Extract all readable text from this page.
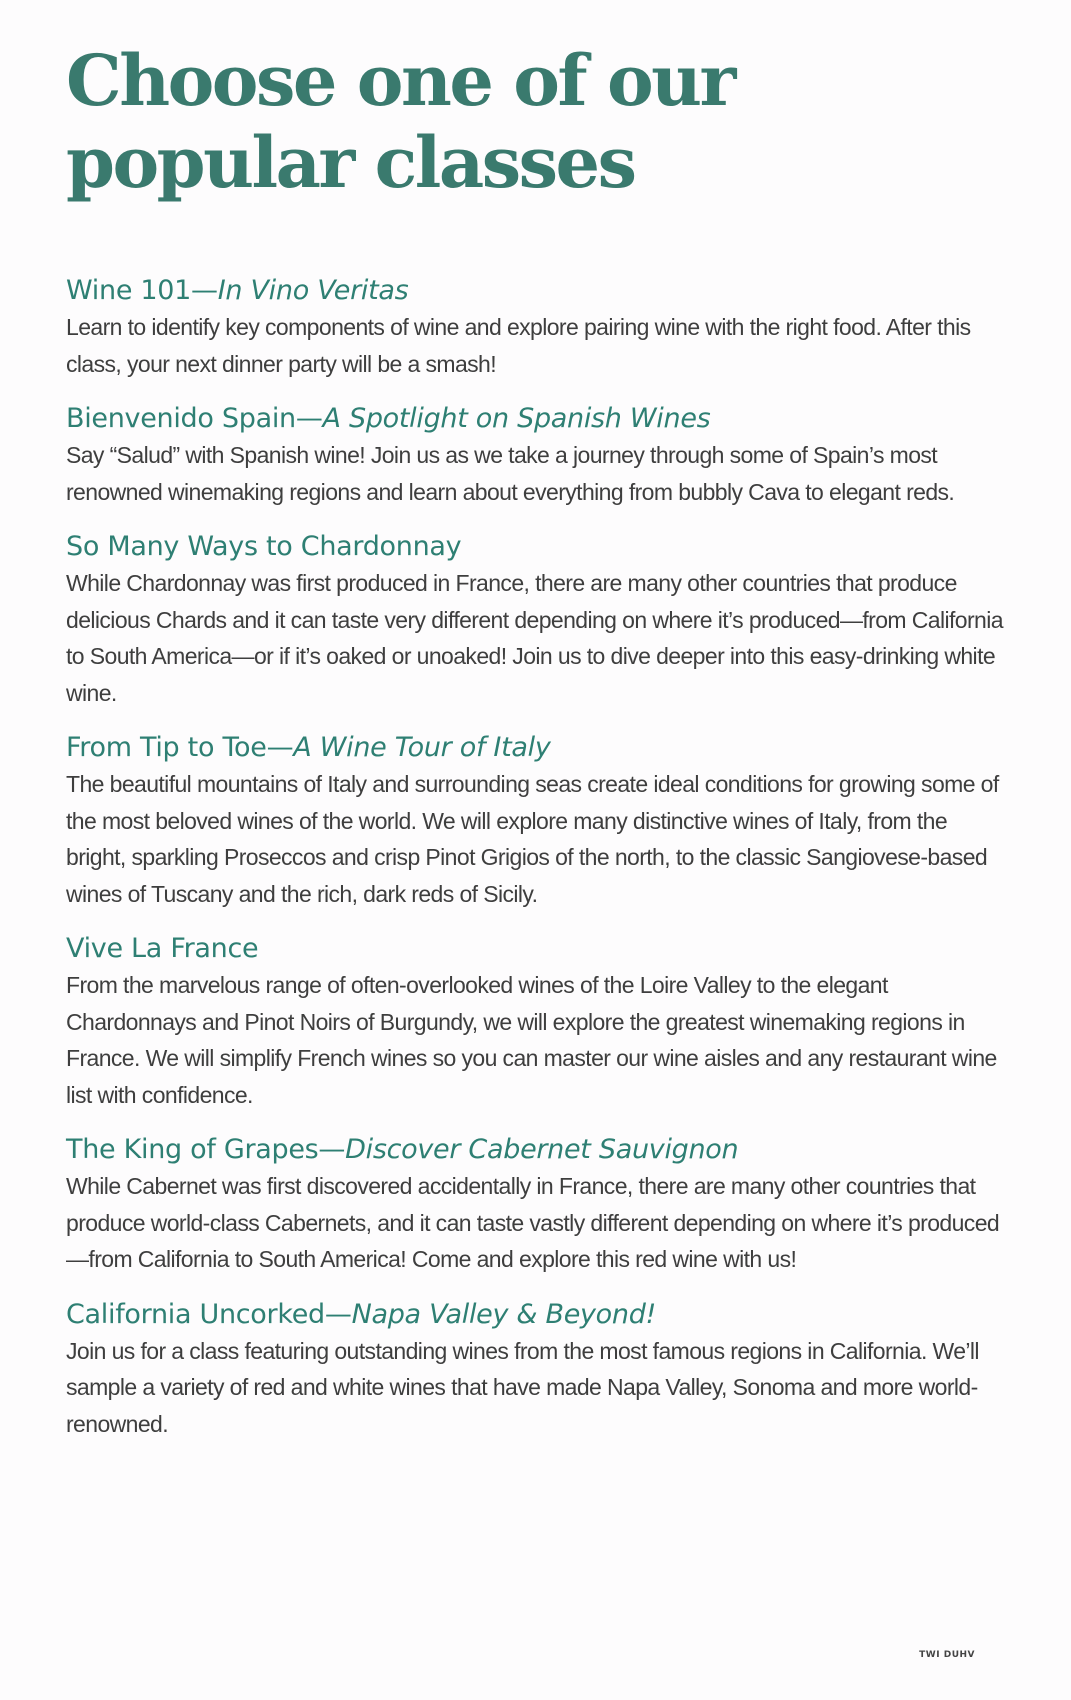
Choose one of our
popular classes
Wine 101—In Vino Veritas

Learn to identify key components of wine and explore pairing wine with the right food. After this class, your next dinner party will be a smash!

Bienvenido Spain—A Spotlight on Spanish Wines

Say “Salud” with Spanish wine! Join us as we take a journey through some of Spain’s most renowned winemaking regions and learn about everything from bubbly Cava to elegant reds.

So Many Ways to Chardonnay

While Chardonnay was first produced in France, there are many other countries that produce delicious Chards and it can taste very different depending on where it’s produced—from California to South America—or if it’s oaked or unoaked! Join us to dive deeper into this easy-drinking white wine.

From Tip to Toe—A Wine Tour of Italy

The beautiful mountains of Italy and surrounding seas create ideal conditions for growing some of the most beloved wines of the world. We will explore many distinctive wines of Italy, from the bright, sparkling Proseccos and crisp Pinot Grigios of the north, to the classic Sangiovese-based wines of Tuscany and the rich, dark reds of Sicily.

Vive La France

From the marvelous range of often-overlooked wines of the Loire Valley to the elegant Chardonnays and Pinot Noirs of Burgundy, we will explore the greatest winemaking regions in France. We will simplify French wines so you can master our wine aisles and any restaurant wine list with confidence.

The King of Grapes—Discover Cabernet Sauvignon

While Cabernet was first discovered accidentally in France, there are many other countries that produce world-class Cabernets, and it can taste vastly different depending on where it’s produced—from California to South America! Come and explore this red wine with us!

California Uncorked—Napa Valley & Beyond!

Join us for a class featuring outstanding wines from the most famous regions in California. We’ll sample a variety of red and white wines that have made Napa Valley, Sonoma and more world-renowned.

TWI DUHV
